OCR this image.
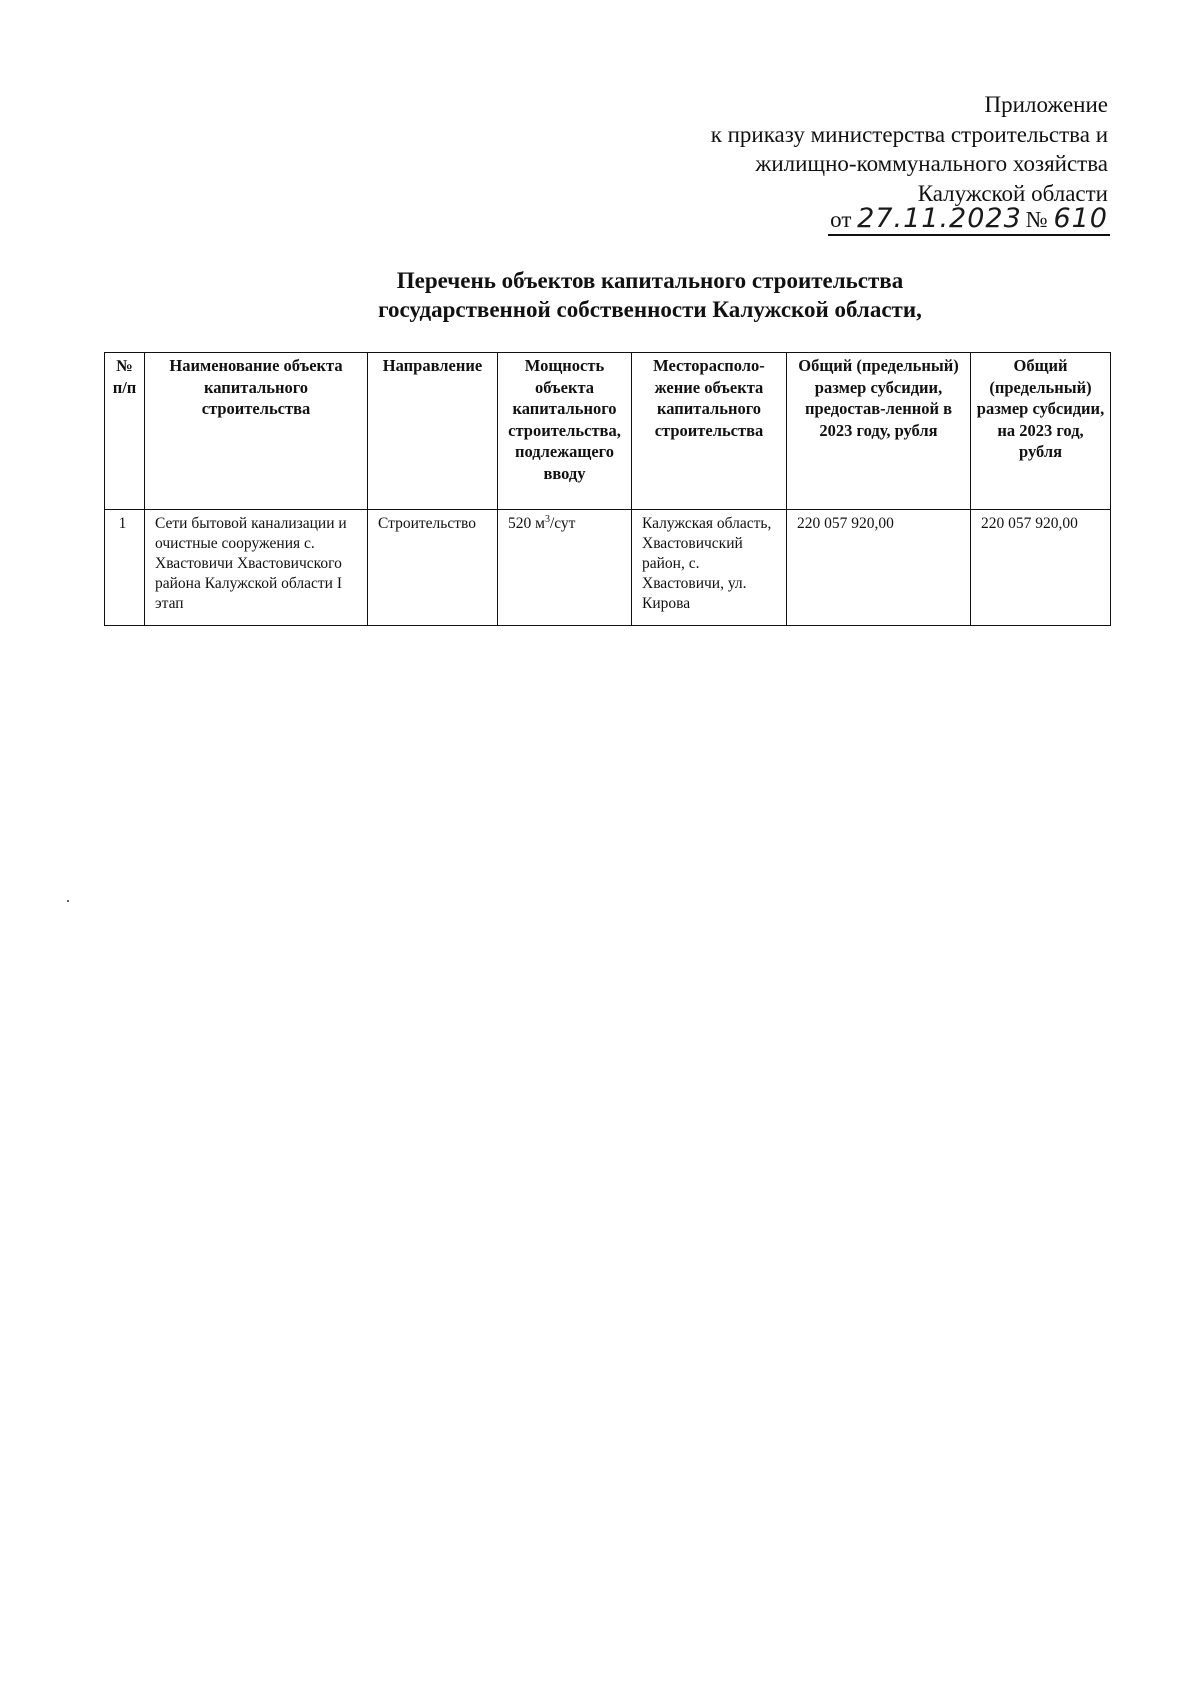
Приложение
к приказу министерства строительства и
жилищно-коммунального хозяйства
Калужской области
от 27.11.2023 № 610
Перечень объектов капитального строительства
государственной собственности Калужской области,
№ п/п	Наименование объекта капитального строительства	Направление	Мощность объекта капитального строительства, подлежащего вводу	Месторасполо-жение объекта капитального строительства	Общий (предельный) размер субсидии, предостав-ленной в 2023 году, рубля	Общий (предельный) размер субсидии, на 2023 год, рубля
1	Сети бытовой канализации и очистные сооружения с. Хвастовичи Хвастовичского района Калужской области I этап	Строительство	520 $м^3$/сут	Калужская область, Хвастовичский район, с. Хвастовичи, ул. Кирова	220 057 920,00	220 057 920,00
